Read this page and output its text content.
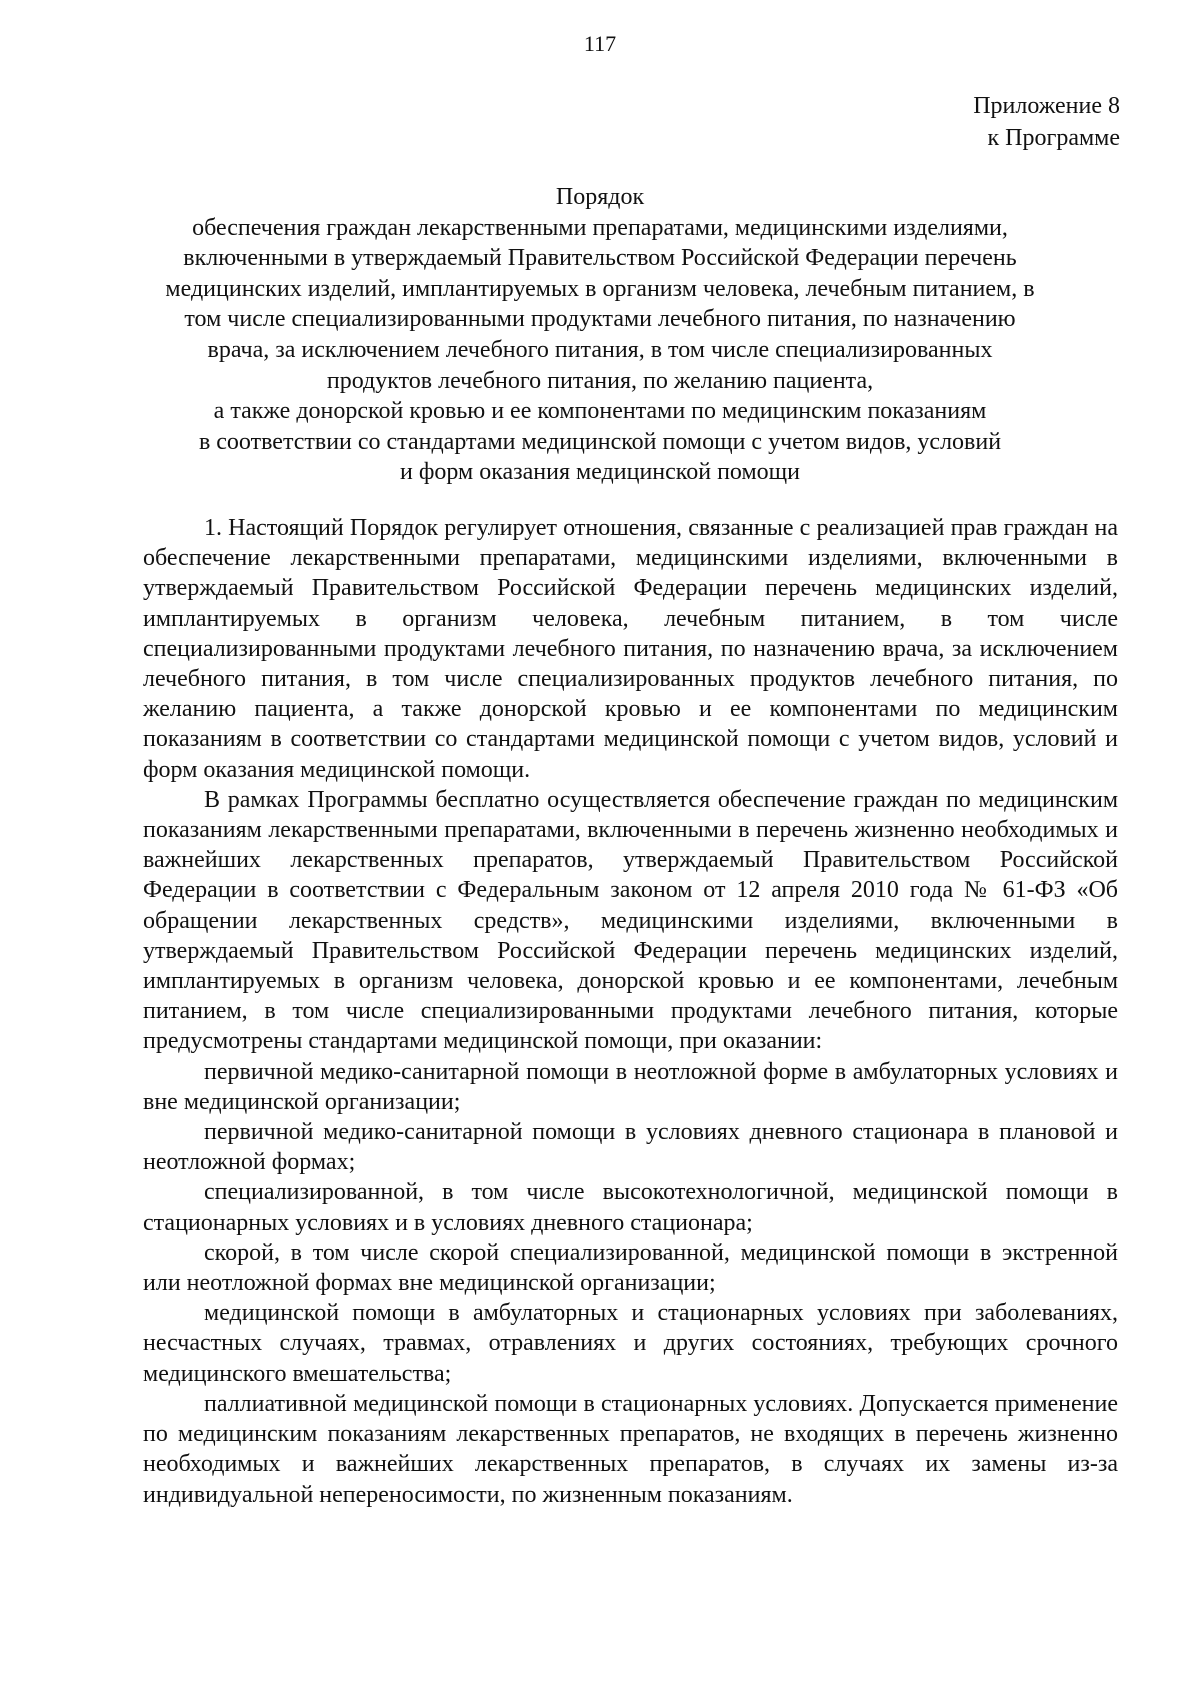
117
Приложение 8
к Программе
Порядок
обеспечения граждан лекарственными препаратами, медицинскими изделиями,
включенными в утверждаемый Правительством Российской Федерации перечень
медицинских изделий, имплантируемых в организм человека, лечебным питанием, в
том числе специализированными продуктами лечебного питания, по назначению
врача, за исключением лечебного питания, в том числе специализированных
продуктов лечебного питания, по желанию пациента,
а также донорской кровью и ее компонентами по медицинским показаниям
в соответствии со стандартами медицинской помощи с учетом видов, условий
и форм оказания медицинской помощи

1. Настоящий Порядок регулирует отношения, связанные с реализацией прав граждан на обеспечение лекарственными препаратами, медицинскими изделиями, включенными в утверждаемый Правительством Российской Федерации перечень медицинских изделий, имплантируемых в организм человека, лечебным питанием, в том числе специализированными продуктами лечебного питания, по назначению врача, за исключением лечебного питания, в том числе специализированных продуктов лечебного питания, по желанию пациента, а также донорской кровью и ее компонентами по медицинским показаниям в соответствии со стандартами медицинской помощи с учетом видов, условий и форм оказания медицинской помощи.

В рамках Программы бесплатно осуществляется обеспечение граждан по медицинским показаниям лекарственными препаратами, включенными в перечень жизненно необходимых и важнейших лекарственных препаратов, утверждаемый Правительством Российской Федерации в соответствии с Федеральным законом от 12 апреля 2010 года № 61-ФЗ «Об обращении лекарственных средств», медицинскими изделиями, включенными в утверждаемый Правительством Российской Федерации перечень медицинских изделий, имплантируемых в организм человека, донорской кровью и ее компонентами, лечебным питанием, в том числе специализированными продуктами лечебного питания, которые предусмотрены стандартами медицинской помощи, при оказании:

первичной медико-санитарной помощи в неотложной форме в амбулаторных условиях и вне медицинской организации;

первичной медико-санитарной помощи в условиях дневного стационара в плановой и неотложной формах;

специализированной, в том числе высокотехнологичной, медицинской помощи в стационарных условиях и в условиях дневного стационара;

скорой, в том числе скорой специализированной, медицинской помощи в экстренной или неотложной формах вне медицинской организации;

медицинской помощи в амбулаторных и стационарных условиях при заболеваниях, несчастных случаях, травмах, отравлениях и других состояниях, требующих срочного медицинского вмешательства;

паллиативной медицинской помощи в стационарных условиях. Допускается применение по медицинским показаниям лекарственных препаратов, не входящих в перечень жизненно необходимых и важнейших лекарственных препаратов, в случаях их замены из-за индивидуальной непереносимости, по жизненным показаниям.
